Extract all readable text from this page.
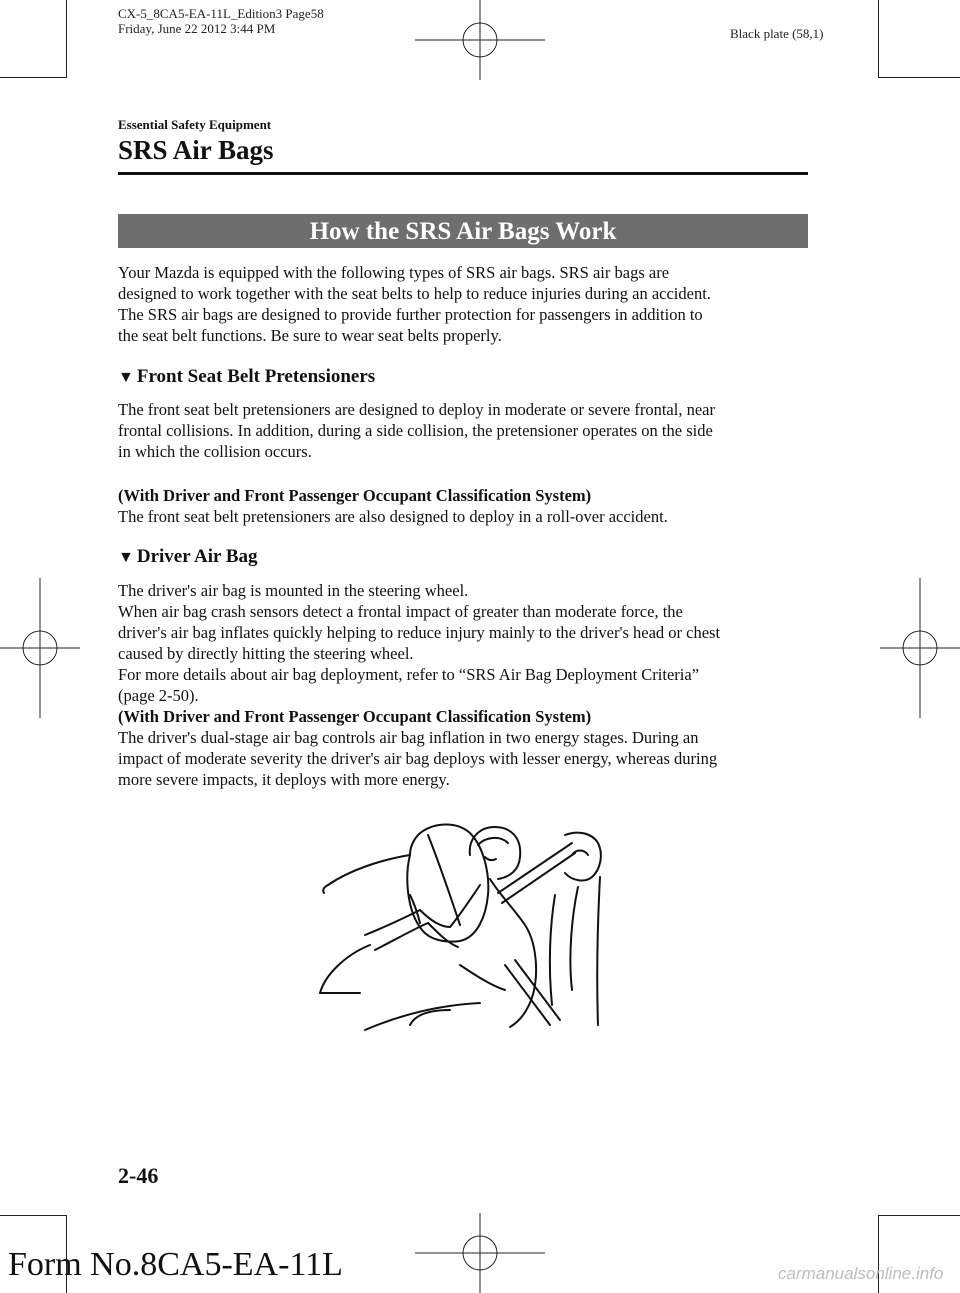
CX-5_8CA5-EA-11L_Edition3 Page58
Friday, June 22 2012 3:44 PM	Black plate (58,1)
Essential Safety Equipment
SRS Air Bags
How the SRS Air Bags Work
Your Mazda is equipped with the following types of SRS air bags. SRS air bags are
designed to work together with the seat belts to help to reduce injuries during an accident.
The SRS air bags are designed to provide further protection for passengers in addition to
the seat belt functions. Be sure to wear seat belts properly.
▼ Front Seat Belt Pretensioners
The front seat belt pretensioners are designed to deploy in moderate or severe frontal, near
frontal collisions. In addition, during a side collision, the pretensioner operates on the side
in which the collision occurs.
(With Driver and Front Passenger Occupant Classification System)
The front seat belt pretensioners are also designed to deploy in a roll-over accident.
▼ Driver Air Bag
The driver's air bag is mounted in the steering wheel.
When air bag crash sensors detect a frontal impact of greater than moderate force, the
driver's air bag inflates quickly helping to reduce injury mainly to the driver's head or chest
caused by directly hitting the steering wheel.
For more details about air bag deployment, refer to “SRS Air Bag Deployment Criteria”
(page 2-50).
(With Driver and Front Passenger Occupant Classification System)
The driver's dual-stage air bag controls air bag inflation in two energy stages. During an
impact of moderate severity the driver's air bag deploys with lesser energy, whereas during
more severe impacts, it deploys with more energy.
2-46
Form No.8CA5-EA-11L	carmanualsonline.info
